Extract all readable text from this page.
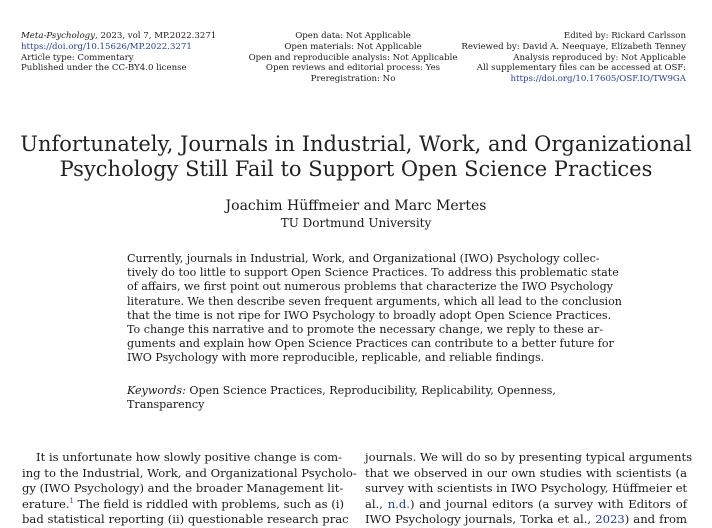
Meta-Psychology, 2023, vol 7, MP.2022.3271
https://doi.org/10.15626/MP.2022.3271
Article type: Commentary
Published under the CC-BY4.0 license
Open data: Not Applicable
Open materials: Not Applicable
Open and reproducible analysis: Not Applicable
Open reviews and editorial process: Yes
Preregistration: No
Edited by: Rickard Carlsson
Reviewed by: David A. Neequaye, Elizabeth Tenney
Analysis reproduced by: Not Applicable
All supplementary files can be accessed at OSF:
https://doi.org/10.17605/OSF.IO/TW9GA
Unfortunately, Journals in Industrial, Work, and Organizational
Psychology Still Fail to Support Open Science Practices
Joachim Hüffmeier and Marc Mertes
TU Dortmund University
Currently, journals in Industrial, Work, and Organizational (IWO) Psychology collec-
tively do too little to support Open Science Practices. To address this problematic state
of affairs, we first point out numerous problems that characterize the IWO Psychology
literature. We then describe seven frequent arguments, which all lead to the conclusion
that the time is not ripe for IWO Psychology to broadly adopt Open Science Practices.
To change this narrative and to promote the necessary change, we reply to these ar-
guments and explain how Open Science Practices can contribute to a better future for
IWO Psychology with more reproducible, replicable, and reliable findings.
Keywords: Open Science Practices, Reproducibility, Replicability, Openness,
Transparency
It is unfortunate how slowly positive change is com-
ing to the Industrial, Work, and Organizational Psycholo-
gy (IWO Psychology) and the broader Management lit-
erature.$^1$ The field is riddled with problems, such as (i)
bad statistical reporting (ii) questionable research prac
journals. We will do so by presenting typical arguments
that we observed in our own studies with scientists (a
survey with scientists in IWO Psychology, Hüffmeier et
al., n.d.) and journal editors (a survey with Editors of
IWO Psychology journals, Torka et al., 2023) and from
